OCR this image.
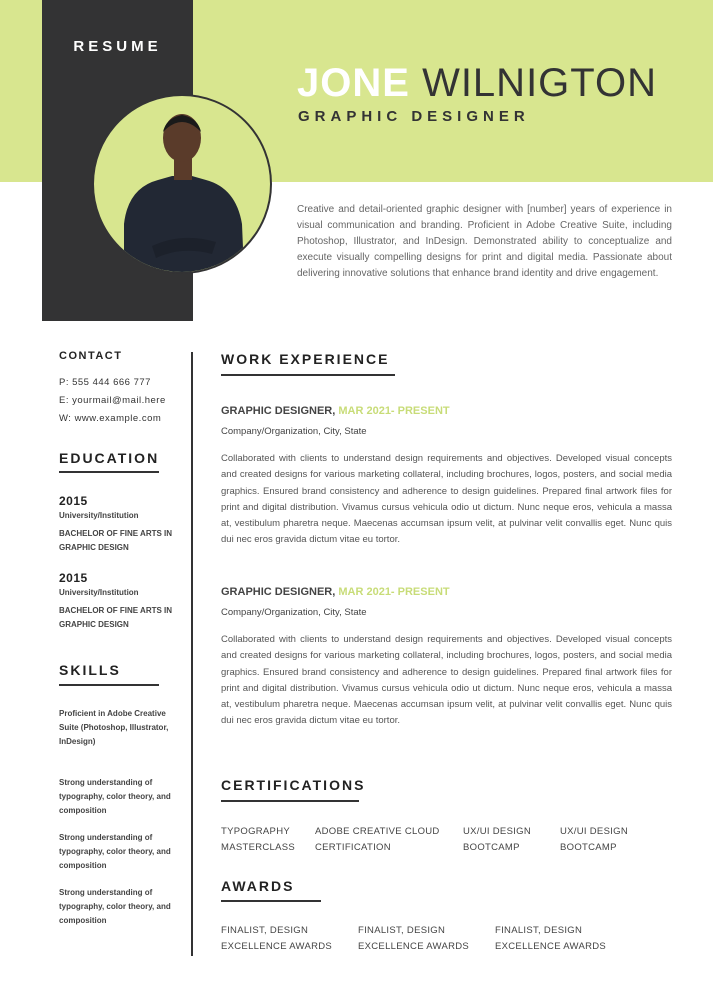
RESUME
JONE WILNIGTON
GRAPHIC DESIGNER

Creative and detail-oriented graphic designer with [number] years of experience in visual communication and branding. Proficient in Adobe Creative Suite, including Photoshop, Illustrator, and InDesign. Demonstrated ability to conceptualize and execute visually compelling designs for print and digital media. Passionate about delivering innovative solutions that enhance brand identity and drive engagement.

CONTACT
P: 555 444 666 777
E: yourmail@mail.here
W: www.example.com
EDUCATION
2015
University/Institution

BACHELOR OF FINE ARTS IN GRAPHIC DESIGN

2015
University/Institution

BACHELOR OF FINE ARTS IN GRAPHIC DESIGN

SKILLS

Proficient in Adobe Creative Suite (Photoshop, Illustrator, InDesign)

Strong understanding of typography, color theory, and composition

Strong understanding of typography, color theory, and composition

Strong understanding of typography, color theory, and composition

WORK EXPERIENCE
GRAPHIC DESIGNER, MAR 2021- PRESENT
Company/Organization, City, State

Collaborated with clients to understand design requirements and objectives. Developed visual concepts and created designs for various marketing collateral, including brochures, logos, posters, and social media graphics. Ensured brand consistency and adherence to design guidelines. Prepared final artwork files for print and digital distribution. Vivamus cursus vehicula odio ut dictum. Nunc neque eros, vehicula a massa at, vestibulum pharetra neque. Maecenas accumsan ipsum velit, at pulvinar velit convallis eget. Nunc quis dui nec eros gravida dictum vitae eu tortor.

GRAPHIC DESIGNER, MAR 2021- PRESENT
Company/Organization, City, State

Collaborated with clients to understand design requirements and objectives. Developed visual concepts and created designs for various marketing collateral, including brochures, logos, posters, and social media graphics. Ensured brand consistency and adherence to design guidelines. Prepared final artwork files for print and digital distribution. Vivamus cursus vehicula odio ut dictum. Nunc neque eros, vehicula a massa at, vestibulum pharetra neque. Maecenas accumsan ipsum velit, at pulvinar velit convallis eget. Nunc quis dui nec eros gravida dictum vitae eu tortor.

CERTIFICATIONS

TYPOGRAPHY
MASTERCLASS

ADOBE CREATIVE CLOUD
CERTIFICATION

UX/UI DESIGN
BOOTCAMP

UX/UI DESIGN
BOOTCAMP

AWARDS

FINALIST, DESIGN
EXCELLENCE AWARDS

FINALIST, DESIGN
EXCELLENCE AWARDS

FINALIST, DESIGN
EXCELLENCE AWARDS
